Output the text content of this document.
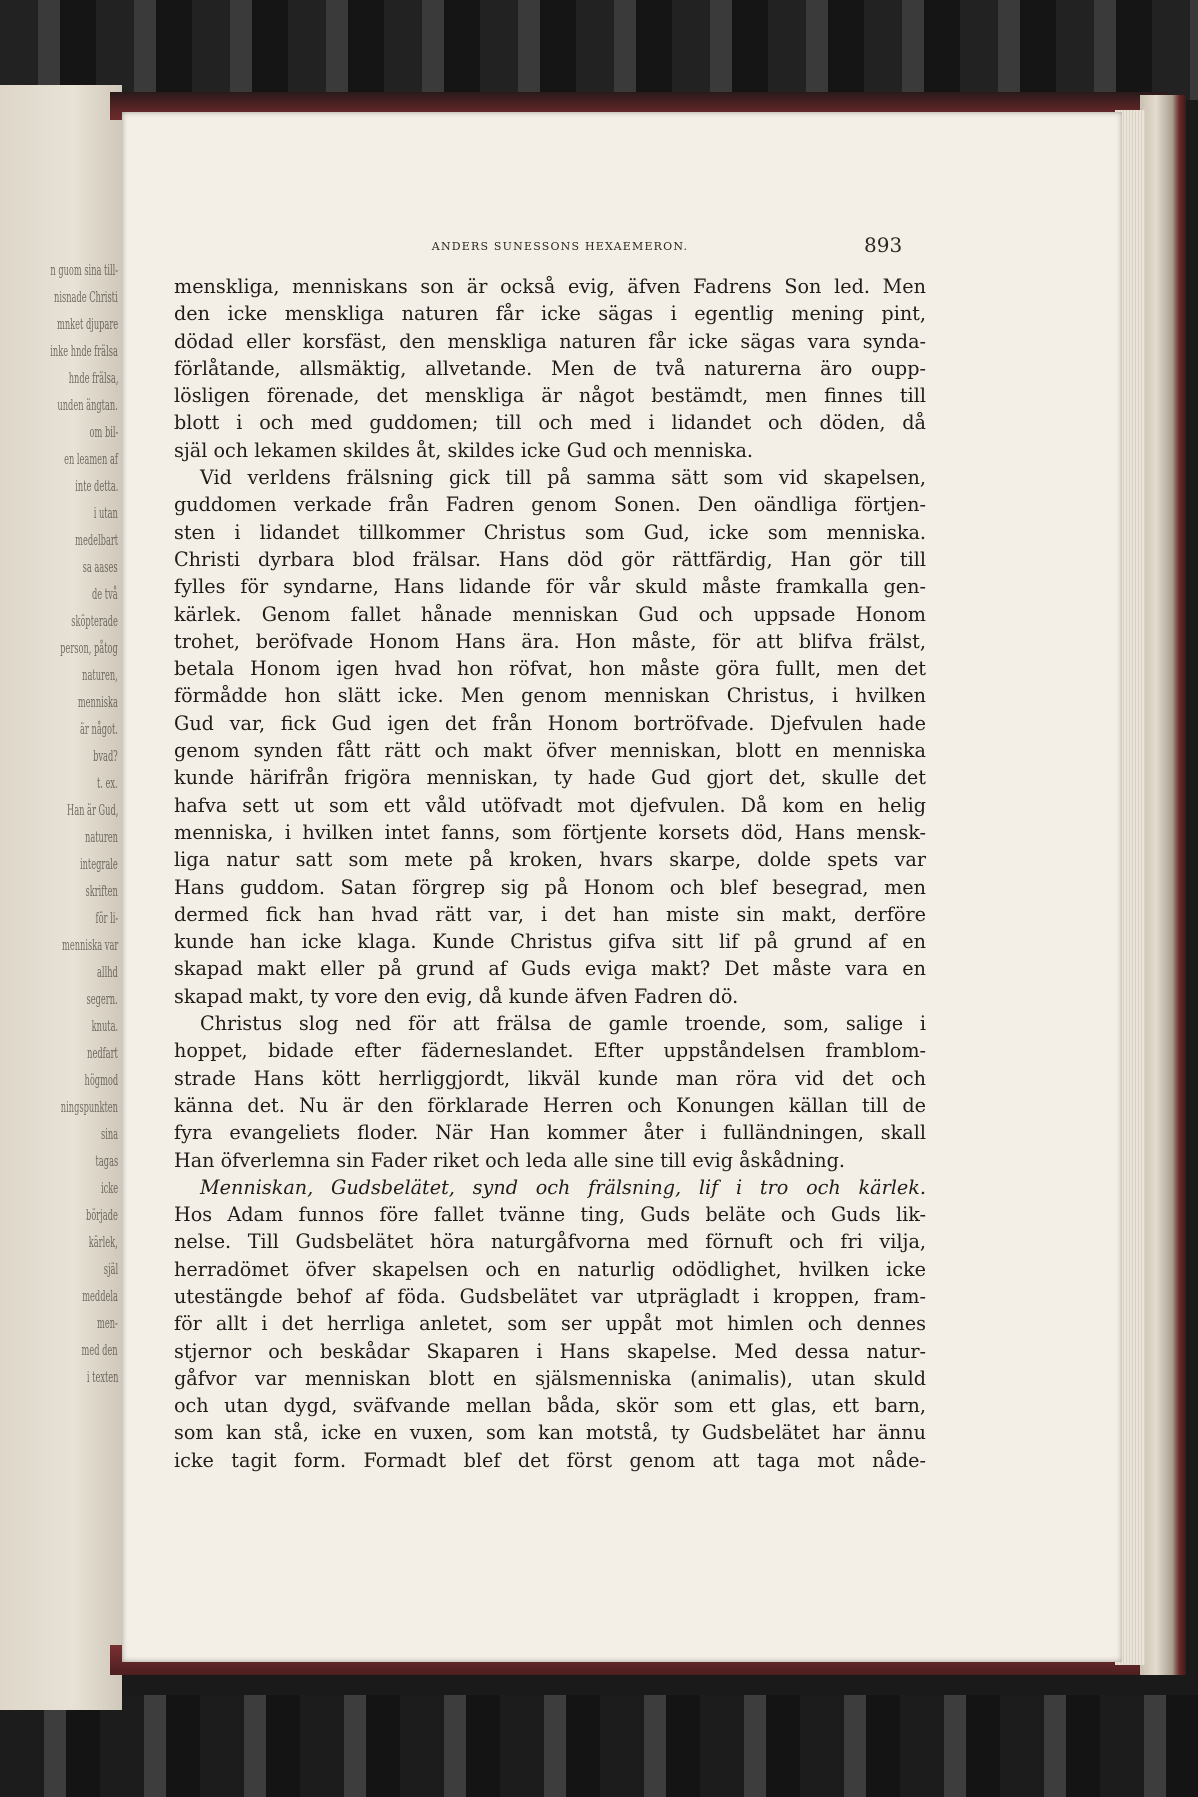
n guom sina till-
nisnade Christi
mnket djupare
inke hnde frälsa
hnde frälsa,
unden ängtan.
om bil-
en leamen af
inte detta.
i utan
medelbart
sa aases
de två
sköpterade
person, påtog
naturen,
menniska
är något.
bvad?
t. ex.
Han är Gud,
naturen
integrale
skriften
för li-
menniska var
allhd
segern.
knuta.
nedfart
högmod
ningspunkten
sina
tagas
icke
började
kärlek,
själ
meddela
men-
med den
i texten
ANDERS SUNESSONS HEXAEMERON.	893
menskliga, menniskans son är också evig, äfven Fadrens Son led. Men
den icke menskliga naturen får icke sägas i egentlig mening pint,
dödad eller korsfäst, den menskliga naturen får icke sägas vara synda-
förlåtande, allsmäktig, allvetande. Men de två naturerna äro oupp-
lösligen förenade, det menskliga är något bestämdt, men finnes till
blott i och med guddomen; till och med i lidandet och döden, då
själ och lekamen skildes åt, skildes icke Gud och menniska.
Vid verldens frälsning gick till på samma sätt som vid skapelsen,
guddomen verkade från Fadren genom Sonen. Den oändliga förtjen-
sten i lidandet tillkommer Christus som Gud, icke som menniska.
Christi dyrbara blod frälsar. Hans död gör rättfärdig, Han gör till
fylles för syndarne, Hans lidande för vår skuld måste framkalla gen-
kärlek. Genom fallet hånade menniskan Gud och uppsade Honom
trohet, beröfvade Honom Hans ära. Hon måste, för att blifva frälst,
betala Honom igen hvad hon röfvat, hon måste göra fullt, men det
förmådde hon slätt icke. Men genom menniskan Christus, i hvilken
Gud var, fick Gud igen det från Honom bortröfvade. Djefvulen hade
genom synden fått rätt och makt öfver menniskan, blott en menniska
kunde härifrån frigöra menniskan, ty hade Gud gjort det, skulle det
hafva sett ut som ett våld utöfvadt mot djefvulen. Då kom en helig
menniska, i hvilken intet fanns, som förtjente korsets död, Hans mensk-
liga natur satt som mete på kroken, hvars skarpe, dolde spets var
Hans guddom. Satan förgrep sig på Honom och blef besegrad, men
dermed fick han hvad rätt var, i det han miste sin makt, derföre
kunde han icke klaga. Kunde Christus gifva sitt lif på grund af en
skapad makt eller på grund af Guds eviga makt? Det måste vara en
skapad makt, ty vore den evig, då kunde äfven Fadren dö.
Christus slog ned för att frälsa de gamle troende, som, salige i
hoppet, bidade efter fäderneslandet. Efter uppståndelsen framblom-
strade Hans kött herrliggjordt, likväl kunde man röra vid det och
känna det. Nu är den förklarade Herren och Konungen källan till de
fyra evangeliets floder. När Han kommer åter i fulländningen, skall
Han öfverlemna sin Fader riket och leda alle sine till evig åskådning.
Menniskan, Gudsbelätet, synd och frälsning, lif i tro och kärlek.
Hos Adam funnos före fallet tvänne ting, Guds beläte och Guds lik-
nelse. Till Gudsbelätet höra naturgåfvorna med förnuft och fri vilja,
herradömet öfver skapelsen och en naturlig odödlighet, hvilken icke
utestängde behof af föda. Gudsbelätet var utprägladt i kroppen, fram-
för allt i det herrliga anletet, som ser uppåt mot himlen och dennes
stjernor och beskådar Skaparen i Hans skapelse. Med dessa natur-
gåfvor var menniskan blott en själsmenniska (animalis), utan skuld
och utan dygd, sväfvande mellan båda, skör som ett glas, ett barn,
som kan stå, icke en vuxen, som kan motstå, ty Gudsbelätet har ännu
icke tagit form. Formadt blef det först genom att taga mot nåde-
